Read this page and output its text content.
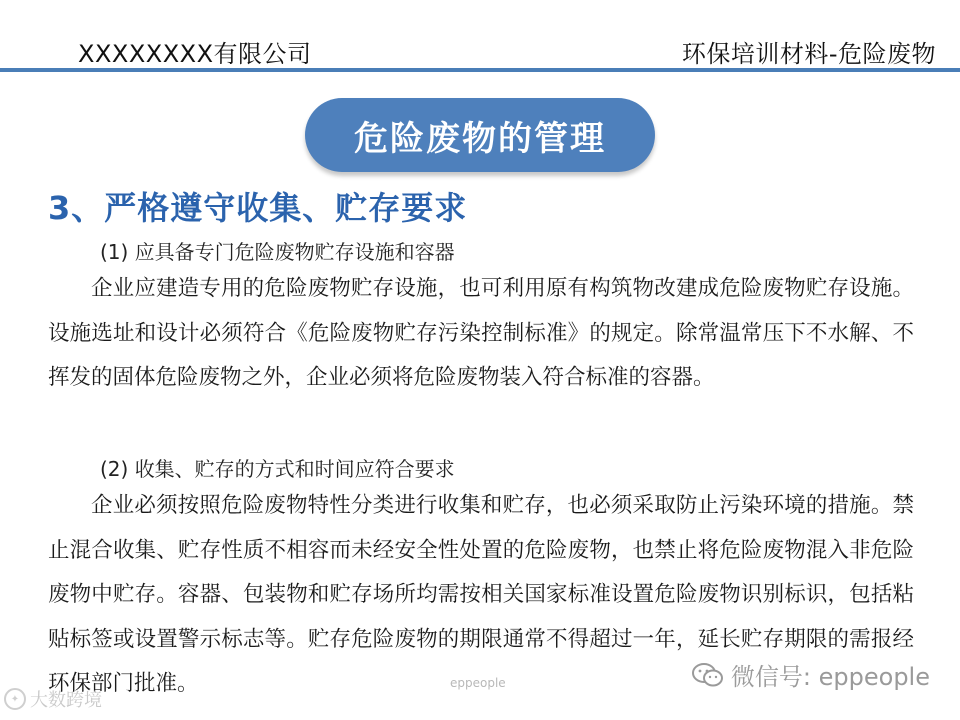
XXXXXXXX有限公司	环保培训材料-危险废物
危险废物的管理
3、严格遵守收集、贮存要求
(1) 应具备专门危险废物贮存设施和容器

企业应建造专用的危险废物贮存设施，也可利用原有构筑物改建成危险废物贮存设施。设施选址和设计必须符合《危险废物贮存污染控制标准》的规定。除常温常压下不水解、不挥发的固体危险废物之外，企业必须将危险废物装入符合标准的容器。

(2) 收集、贮存的方式和时间应符合要求

企业必须按照危险废物特性分类进行收集和贮存，也必须采取防止污染环境的措施。禁止混合收集、贮存性质不相容而未经安全性处置的危险废物，也禁止将危险废物混入非危险废物中贮存。容器、包装物和贮存场所均需按相关国家标准设置危险废物识别标识，包括粘贴标签或设置警示标志等。贮存危险废物的期限通常不得超过一年，延长贮存期限的需报经环保部门批准。	eppeople
✦ 大数跨境
微信号: eppeople
